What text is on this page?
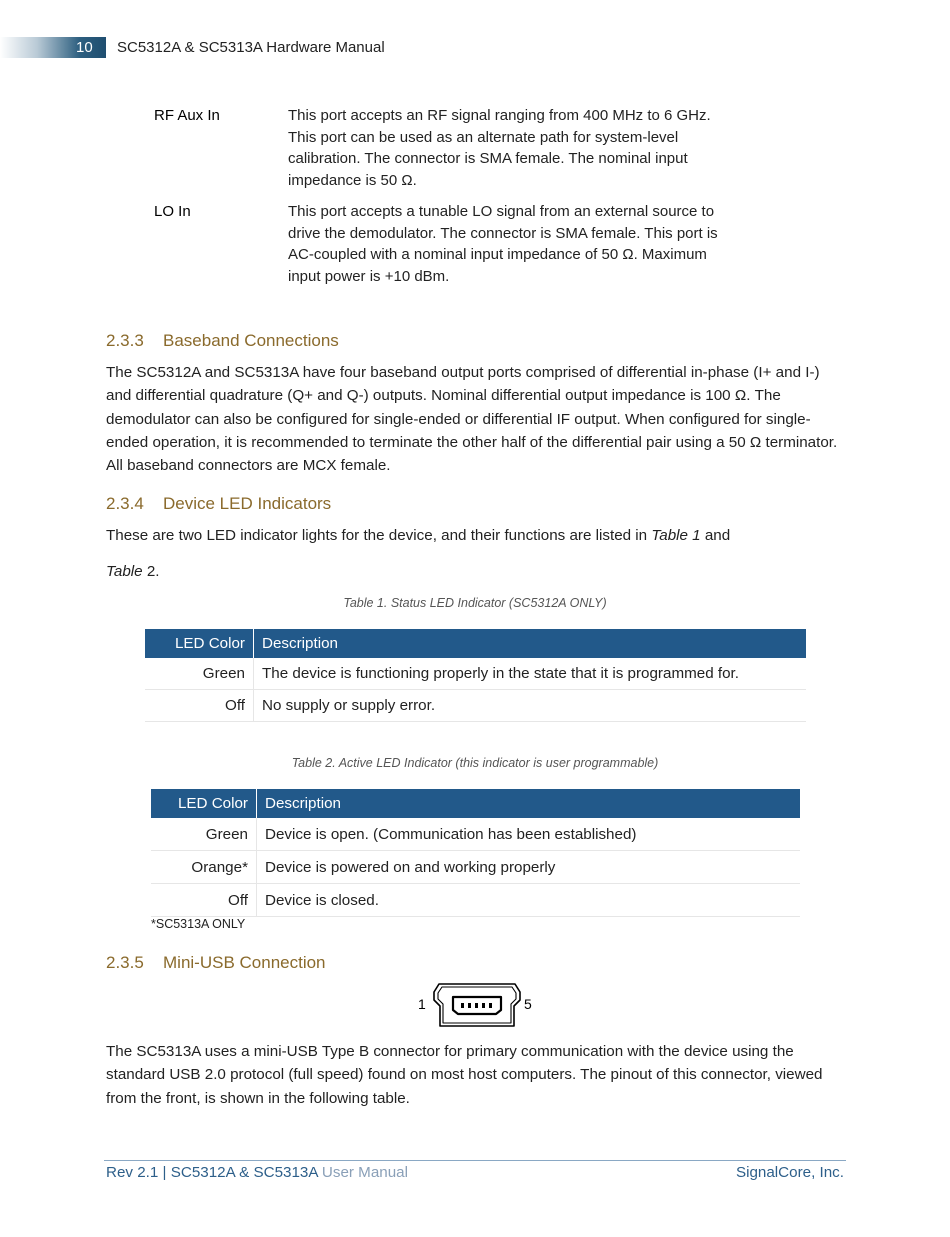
10 SC5312A & SC5313A Hardware Manual
RF Aux In	This port accepts an RF signal ranging from 400 MHz to 6 GHz. This port can be used as an alternate path for system-level calibration. The connector is SMA female. The nominal input impedance is 50 Ω.
LO In	This port accepts a tunable LO signal from an external source to drive the demodulator. The connector is SMA female. This port is AC-coupled with a nominal input impedance of 50 Ω. Maximum input power is +10 dBm.
2.3.3 Baseband Connections

The SC5312A and SC5313A have four baseband output ports comprised of differential in-phase (I+ and I-) and differential quadrature (Q+ and Q-) outputs. Nominal differential output impedance is 100 Ω. The demodulator can also be configured for single-ended or differential IF output. When configured for single-ended operation, it is recommended to terminate the other half of the differential pair using a 50 Ω terminator. All baseband connectors are MCX female.

2.3.4 Device LED Indicators

These are two LED indicator lights for the device, and their functions are listed in Table 1 and

Table 2.

Table 1. Status LED Indicator (SC5312A ONLY)
LED Color	Description
Green	The device is functioning properly in the state that it is programmed for.
Off	No supply or supply error.
Table 2. Active LED Indicator (this indicator is user programmable)
LED Color	Description
Green	Device is open. (Communication has been established)
Orange*	Device is powered on and working properly
Off	Device is closed.
*SC5313A ONLY
2.3.5 Mini-USB Connection
1	5

The SC5313A uses a mini-USB Type B connector for primary communication with the device using the standard USB 2.0 protocol (full speed) found on most host computers. The pinout of this connector, viewed from the front, is shown in the following table.

Rev 2.1 | SC5312A & SC5313A User Manual	SignalCore, Inc.
